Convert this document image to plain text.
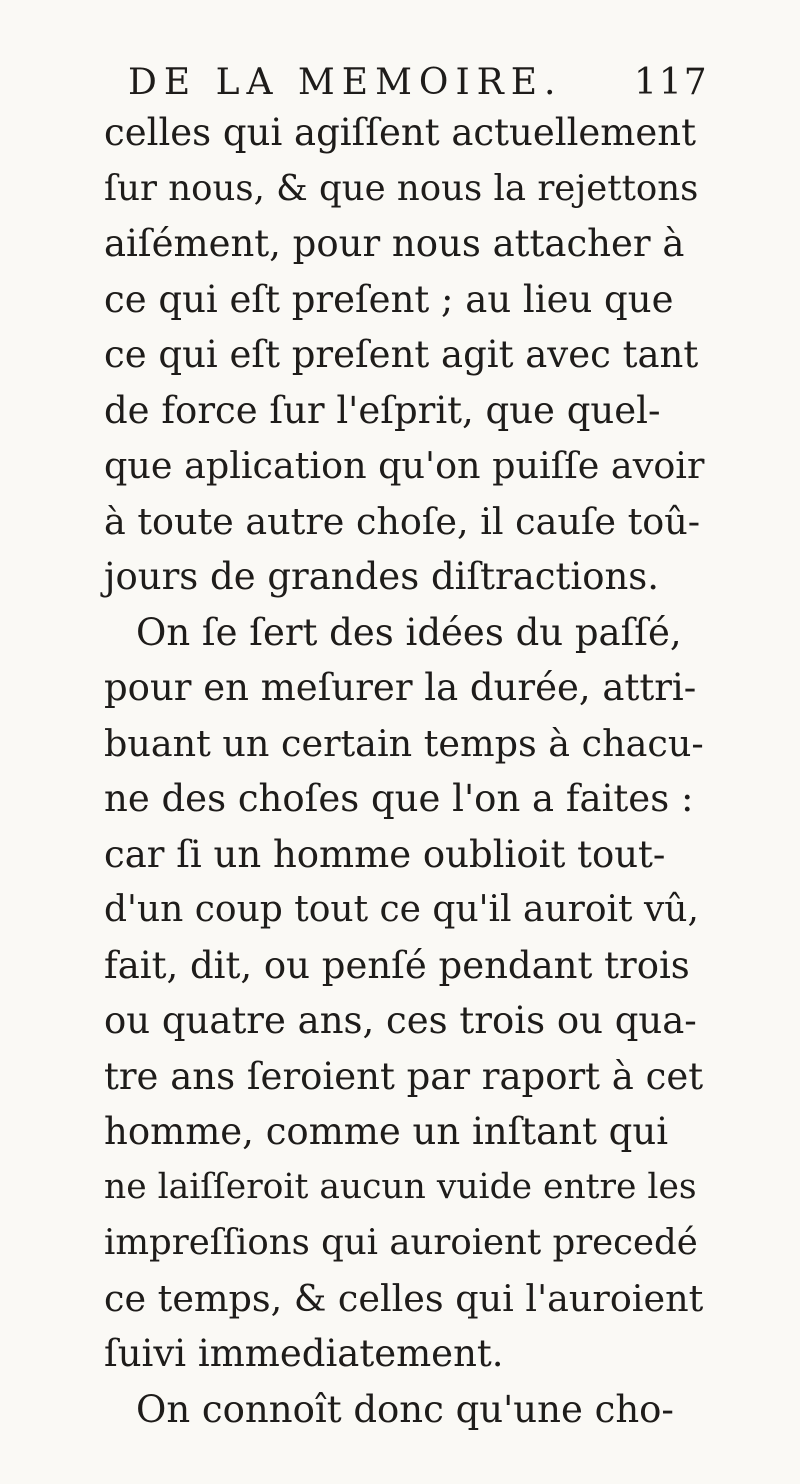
DE LA MEMOIRE. 117
celles qui agiſſent actuellement
ſur nous, & que nous la rejettons
aiſément, pour nous attacher à
ce qui eſt preſent ; au lieu que
ce qui eſt preſent agit avec tant
de force ſur l'eſprit, que quel-
que aplication qu'on puiſſe avoir
à toute autre choſe, il cauſe toû-
jours de grandes diſtractions.
On ſe ſert des idées du paſſé,
pour en meſurer la durée, attri-
buant un certain temps à chacu-
ne des choſes que l'on a faites :
car ſi un homme oublioit tout-
d'un coup tout ce qu'il auroit vû,
fait, dit, ou penſé pendant trois
ou quatre ans, ces trois ou qua-
tre ans ſeroient par raport à cet
homme, comme un inſtant qui
ne laiſſeroit aucun vuide entre les
impreſſions qui auroient precedé
ce temps, & celles qui l'auroient
ſuivi immediatement.
On connoît donc qu'une cho-
